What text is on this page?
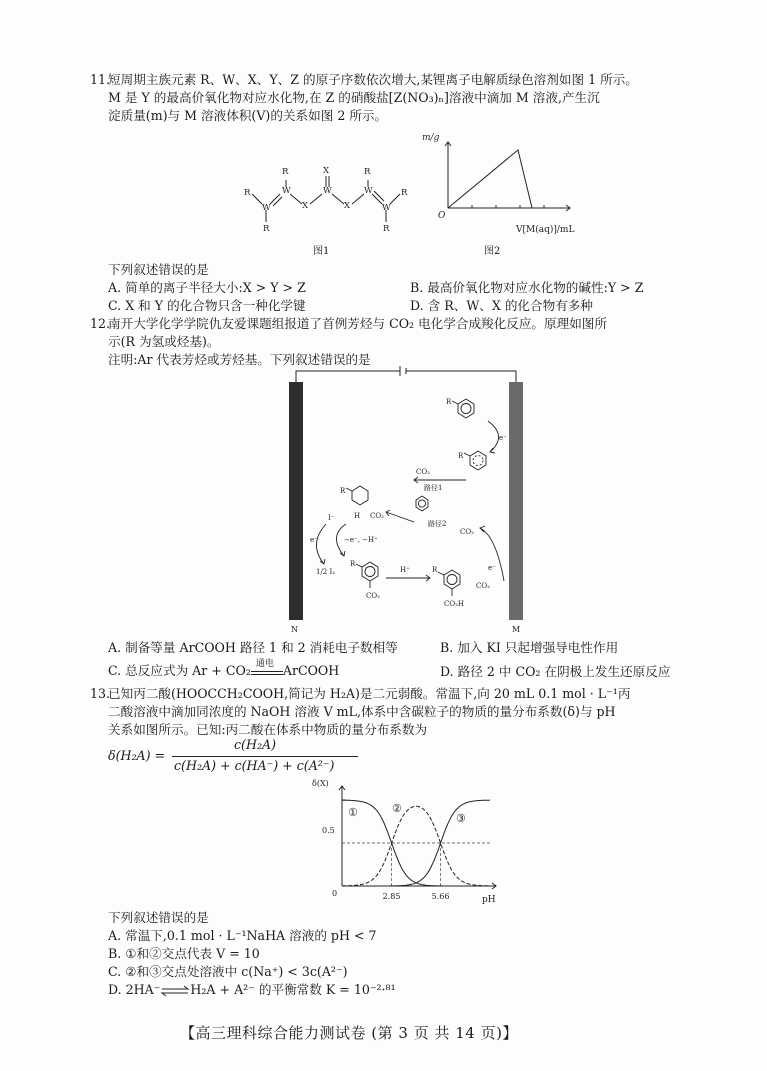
11.
短周期主族元素 R、W、X、Y、Z 的原子序数依次增大,某锂离子电解质绿色溶剂如图 1 所示。
M 是 Y 的最高价氧化物对应水化物,在 Z 的硝酸盐[Z(NO₃)ₙ]溶液中滴加 M 溶液,产生沉
淀质量(m)与 M 溶液体积(V)的关系如图 2 所示。
R
W
R
R
W
X
X
W
X
R
W
W
R
R
图1
m/g
O
V[M(aq)]/mL
图2
下列叙述错误的是
A. 简单的离子半径大小:X > Y > Z	B. 最高价氧化物对应水化物的碱性:Y > Z
C. X 和 Y 的化合物只含一种化学键	D. 含 R、W、X 的化合物有多种
12.
南开大学化学学院仇友爱课题组报道了首例芳烃与 CO₂ 电化学合成羧化反应。原理如图所
示(R 为氢或烃基)。
注明:Ar 代表芳烃或芳烃基。下列叙述错误的是
N	M
R
e⁻
R
CO₂
路径1
路径2
R
H CO₂
CO₂
e⁻
CO₂
I⁻
e⁻	−e⁻, −H⁺
1/2 I₂
R
CO₂
H⁺	R
CO₂H
A. 制备等量 ArCOOH 路径 1 和 2 消耗电子数相等	B. 加入 KI 只起增强导电性作用
C. 总反应式为 Ar + CO₂ 通电 ArCOOH	D. 路径 2 中 CO₂ 在阴极上发生还原反应
13.
已知丙二酸(HOOCCH₂COOH,简记为 H₂A)是二元弱酸。常温下,向 20 mL 0.1 mol · L⁻¹丙
二酸溶液中滴加同浓度的 NaOH 溶液 V mL,体系中含碳粒子的物质的量分布系数(δ)与 pH
关系如图所示。已知:丙二酸在体系中物质的量分布系数为
δ(H₂A) =
c(H₂A)
c(H₂A) + c(HA⁻) + c(A²⁻)
δ(X)
pH
0	2.85	5.66
0.5
①	②
③
下列叙述错误的是
A. 常温下,0.1 mol · L⁻¹NaHA 溶液的 pH < 7
B. ①和②交点代表 V = 10
C. ②和③交点处溶液中 c(Na⁺) < 3c(A²⁻)
D. 2HA⁻⇌H₂A + A²⁻ 的平衡常数 K = 10⁻²·⁸¹
【高三理科综合能力测试卷 (第 3 页 共 14 页)】
